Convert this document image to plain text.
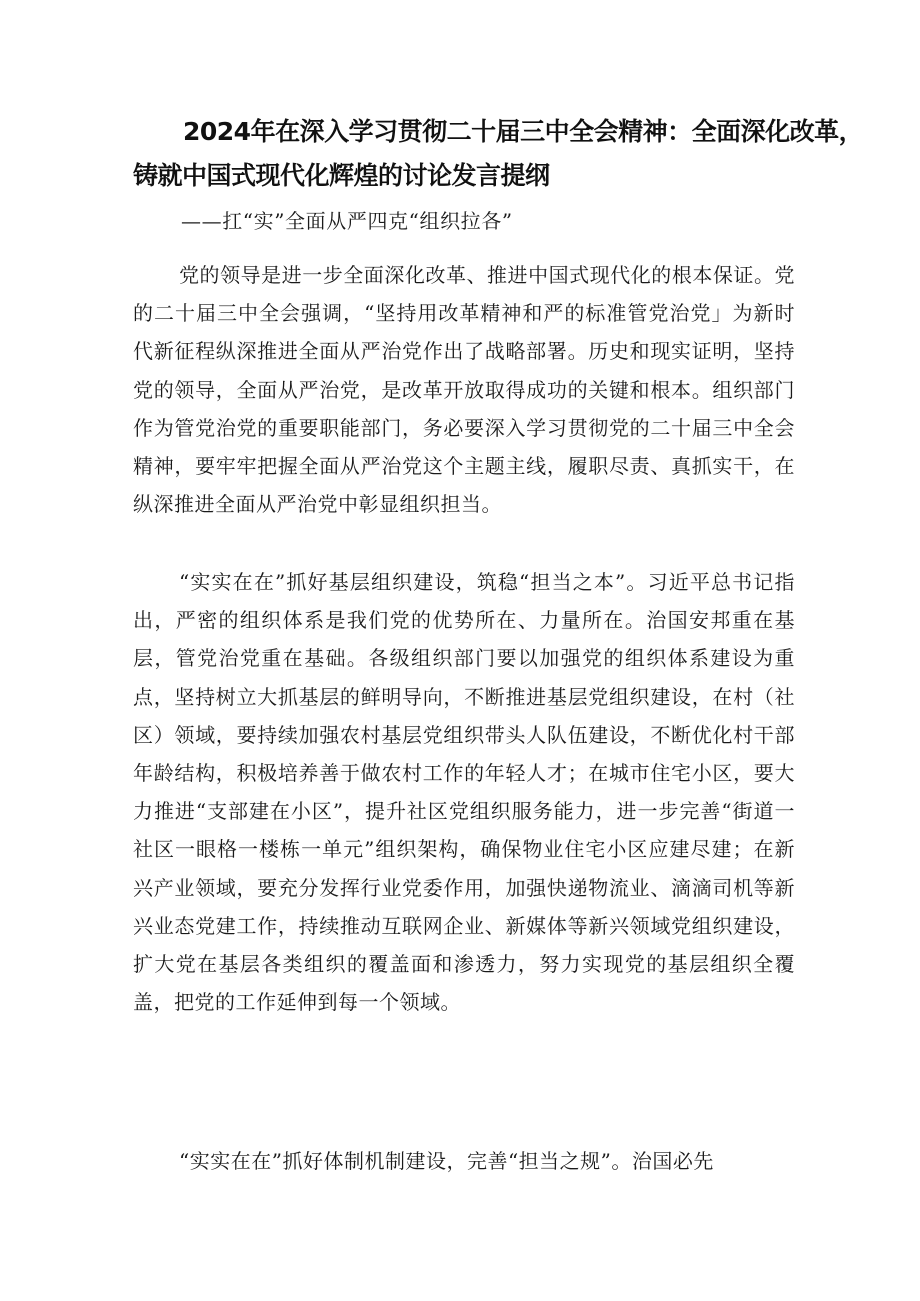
2024年在深入学习贯彻二十届三中全会精神：全面深化改革，
铸就中国式现代化辉煌的讨论发言提纲
——扛“实”全面从严四克“组织拉各”

党的领导是进一步全面深化改革、推进中国式现代化的根本保证。党的二十届三中全会强调，“坚持用改革精神和严的标准管党治党」为新时代新征程纵深推进全面从严治党作出了战略部署。历史和现实证明，坚持党的领导，全面从严治党，是改革开放取得成功的关键和根本。组织部门作为管党治党的重要职能部门，务必要深入学习贯彻党的二十届三中全会精神，要牢牢把握全面从严治党这个主题主线，履职尽责、真抓实干，在纵深推进全面从严治党中彰显组织担当。

“实实在在”抓好基层组织建设，筑稳“担当之本”。习近平总书记指出，严密的组织体系是我们党的优势所在、力量所在。治国安邦重在基层，管党治党重在基础。各级组织部门要以加强党的组织体系建设为重点，坚持树立大抓基层的鲜明导向，不断推进基层党组织建设，在村（社区）领域，要持续加强农村基层党组织带头人队伍建设，不断优化村干部年龄结构，积极培养善于做农村工作的年轻人才；在城市住宅小区，要大力推进“支部建在小区”，提升社区党组织服务能力，进一步完善“街道一社区一眼格一楼栋一单元”组织架构，确保物业住宅小区应建尽建；在新兴产业领域，要充分发挥行业党委作用，加强快递物流业、滴滴司机等新兴业态党建工作，持续推动互联网企业、新媒体等新兴领域党组织建设，扩大党在基层各类组织的覆盖面和渗透力，努力实现党的基层组织全覆盖，把党的工作延伸到每一个领域。

“实实在在”抓好体制机制建设，完善“担当之规”。治国必先
